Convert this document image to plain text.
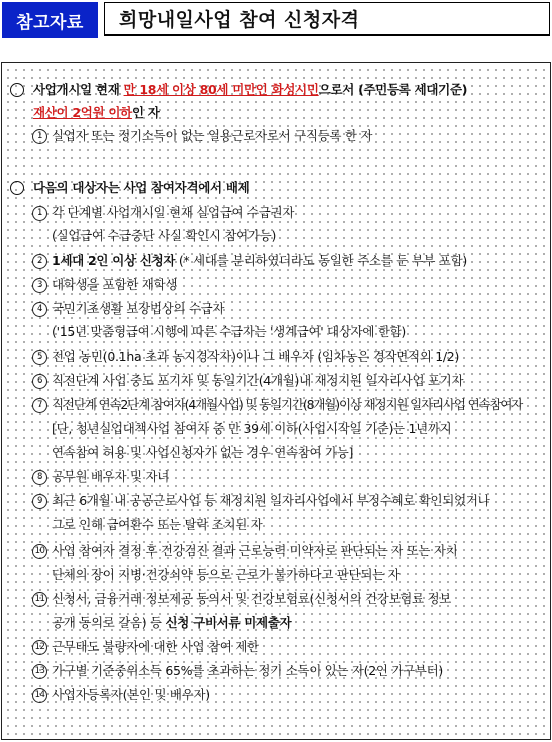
참고자료	희망내일사업 참여 신청자격
사업개시일 현재 만 18세 이상 80세 미만인 화성시민으로서 (주민등록 세대기준)
재산이 2억원 이하인 자
1 실업자 또는 정기소득이 없는 일용근로자로서 구직등록 한 자
다음의 대상자는 사업 참여자격에서 배제
1 각 단계별 사업개시일 현재 실업급여 수급권자
(실업급여 수급중단 사실 확인시 참여가능)
2 1세대 2인 이상 신청자 (* 세대를 분리하였더라도 동일한 주소를 둔 부부 포함)
3 대학생을 포함한 재학생
4 국민기초생활 보장법상의 수급자
('15년 맞춤형급여 시행에 따른 수급자는 '생계급여' 대상자에 한함)
5 전업 농민(0.1ha 초과 농지경작자)이나 그 배우자 (임차농은 경작면적의 1/2)
6 직전단계 사업 중도 포기자 및 동일기간(4개월)내 재정지원 일자리사업 포기자
7 직전단계 연속2단계 참여자(4개월사업) 및 동일기간(8개월)이상 재정지원 일자리사업 연속참여자
[단, 청년실업대책사업 참여자 중 만 39세 이하(사업시작일 기준)는 1년까지
연속참여 허용 및 사업신청자가 없는 경우 연속참여 가능]
8 공무원 배우자 및 자녀
9 최근 6개월 내 공공근로사업 등 재정지원 일자리사업에서 부정수혜로 확인되었거나
그로 인해 급여환수 또는 탈락 조치된 자
10 사업 참여자 결정 후 건강검진 결과 근로능력 미약자로 판단되는 자 또는 자치
단체의 장이 지병·건강쇠약 등으로 근로가 불가하다고 판단되는 자
11 신청서, 금융거래 정보제공 동의서 및 건강보험료(신청서의 건강보험료 정보
공개 동의로 갈음) 등 신청 구비서류 미제출자
12 근무태도 불량자에 대한 사업 참여 제한
13 가구별 기준중위소득 65%를 초과하는 정기 소득이 있는 자(2인 가구부터)
14 사업자등록자(본인 및 배우자)
